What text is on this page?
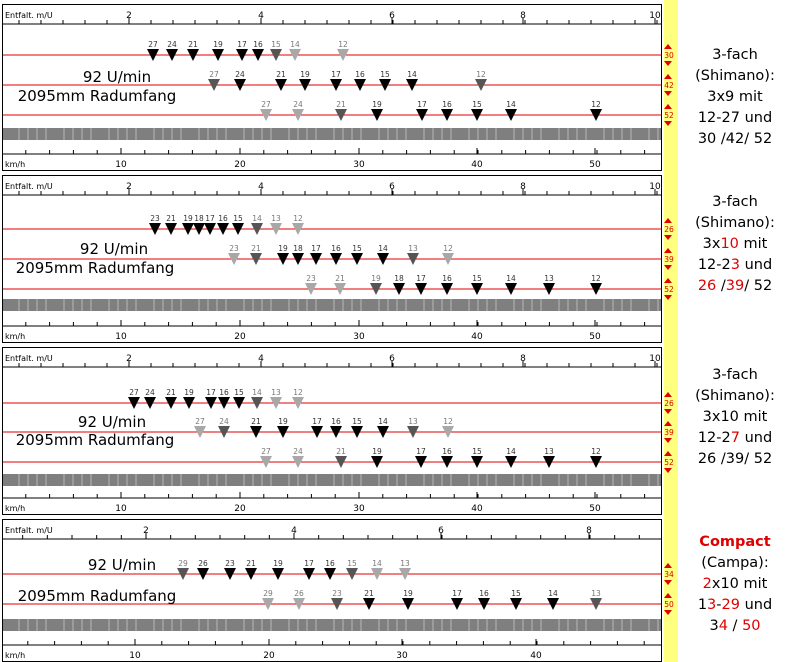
Entfalt. m/U
km/h
2	4	6	8	10
10	20	30	40	50
30
27 24 21 19 17 16 15 14	12
42
27 24	21 19	17 16 15 14	12
52
27	24	21	19	17 16	15	14	12
92 U/min
2095mm Radumfang
Entfalt. m/U
km/h
2	4	6	8	10
10	20	30	40	50
26
23 21 19 18 17 16 15 14 13 12
39
23 21 19 18 17 16 15 14	13	12
52
23	21	19 18 17 16	15	14	13	12
92 U/min
2095mm Radumfang
Entfalt. m/U
km/h
2	4	6	8	10
10	20	30	40	50
26
27 24 21 19 17 16 15 14 13 12
39
27 24	21 19	17 16 15 14	13	12
52
27	24	21	19	17 16	15	14	13	12
92 U/min
2095mm Radumfang
Entfalt. m/U
km/h
2	4	6	8
10	20	30	40
34
29 26 23 21 19	17 16 15 14 13
50
29	26	23	21	19	17 16	15	14	13
92 U/min
2095mm Radumfang
3-fach
(Shimano):
3x9 mit
12-27 und
30 /42/ 52
3-fach
(Shimano):
3x10 mit
12-23 und
26 /39/ 52
3-fach
(Shimano):
3x10 mit
12-27 und
26 /39/ 52
Compact
(Campa):
2x10 mit
13-29 und
34 / 50
